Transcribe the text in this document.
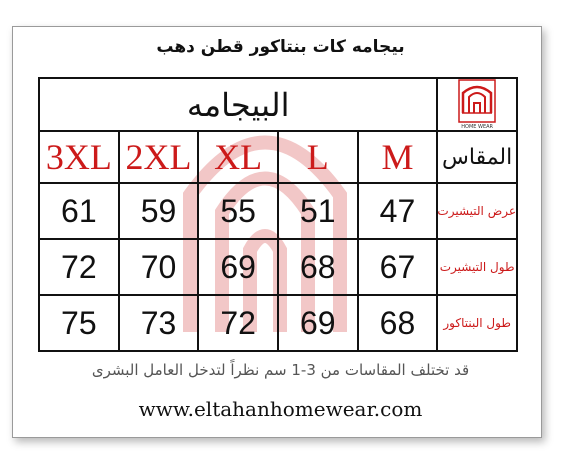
بيجامه كات بنتاكور قطن دهب
البيجامه					HOME WEAR

3XL	2XL	XL	L	M	المقاس
61	59	55	51	47	عرض التيشيرت
72	70	69	68	67	طول التيشيرت
75	73	72	69	68	طول البنتاكور
قد تختلف المقاسات من 3-1 سم نظراً لتدخل العامل البشرى
www.eltahanhomewear.com
